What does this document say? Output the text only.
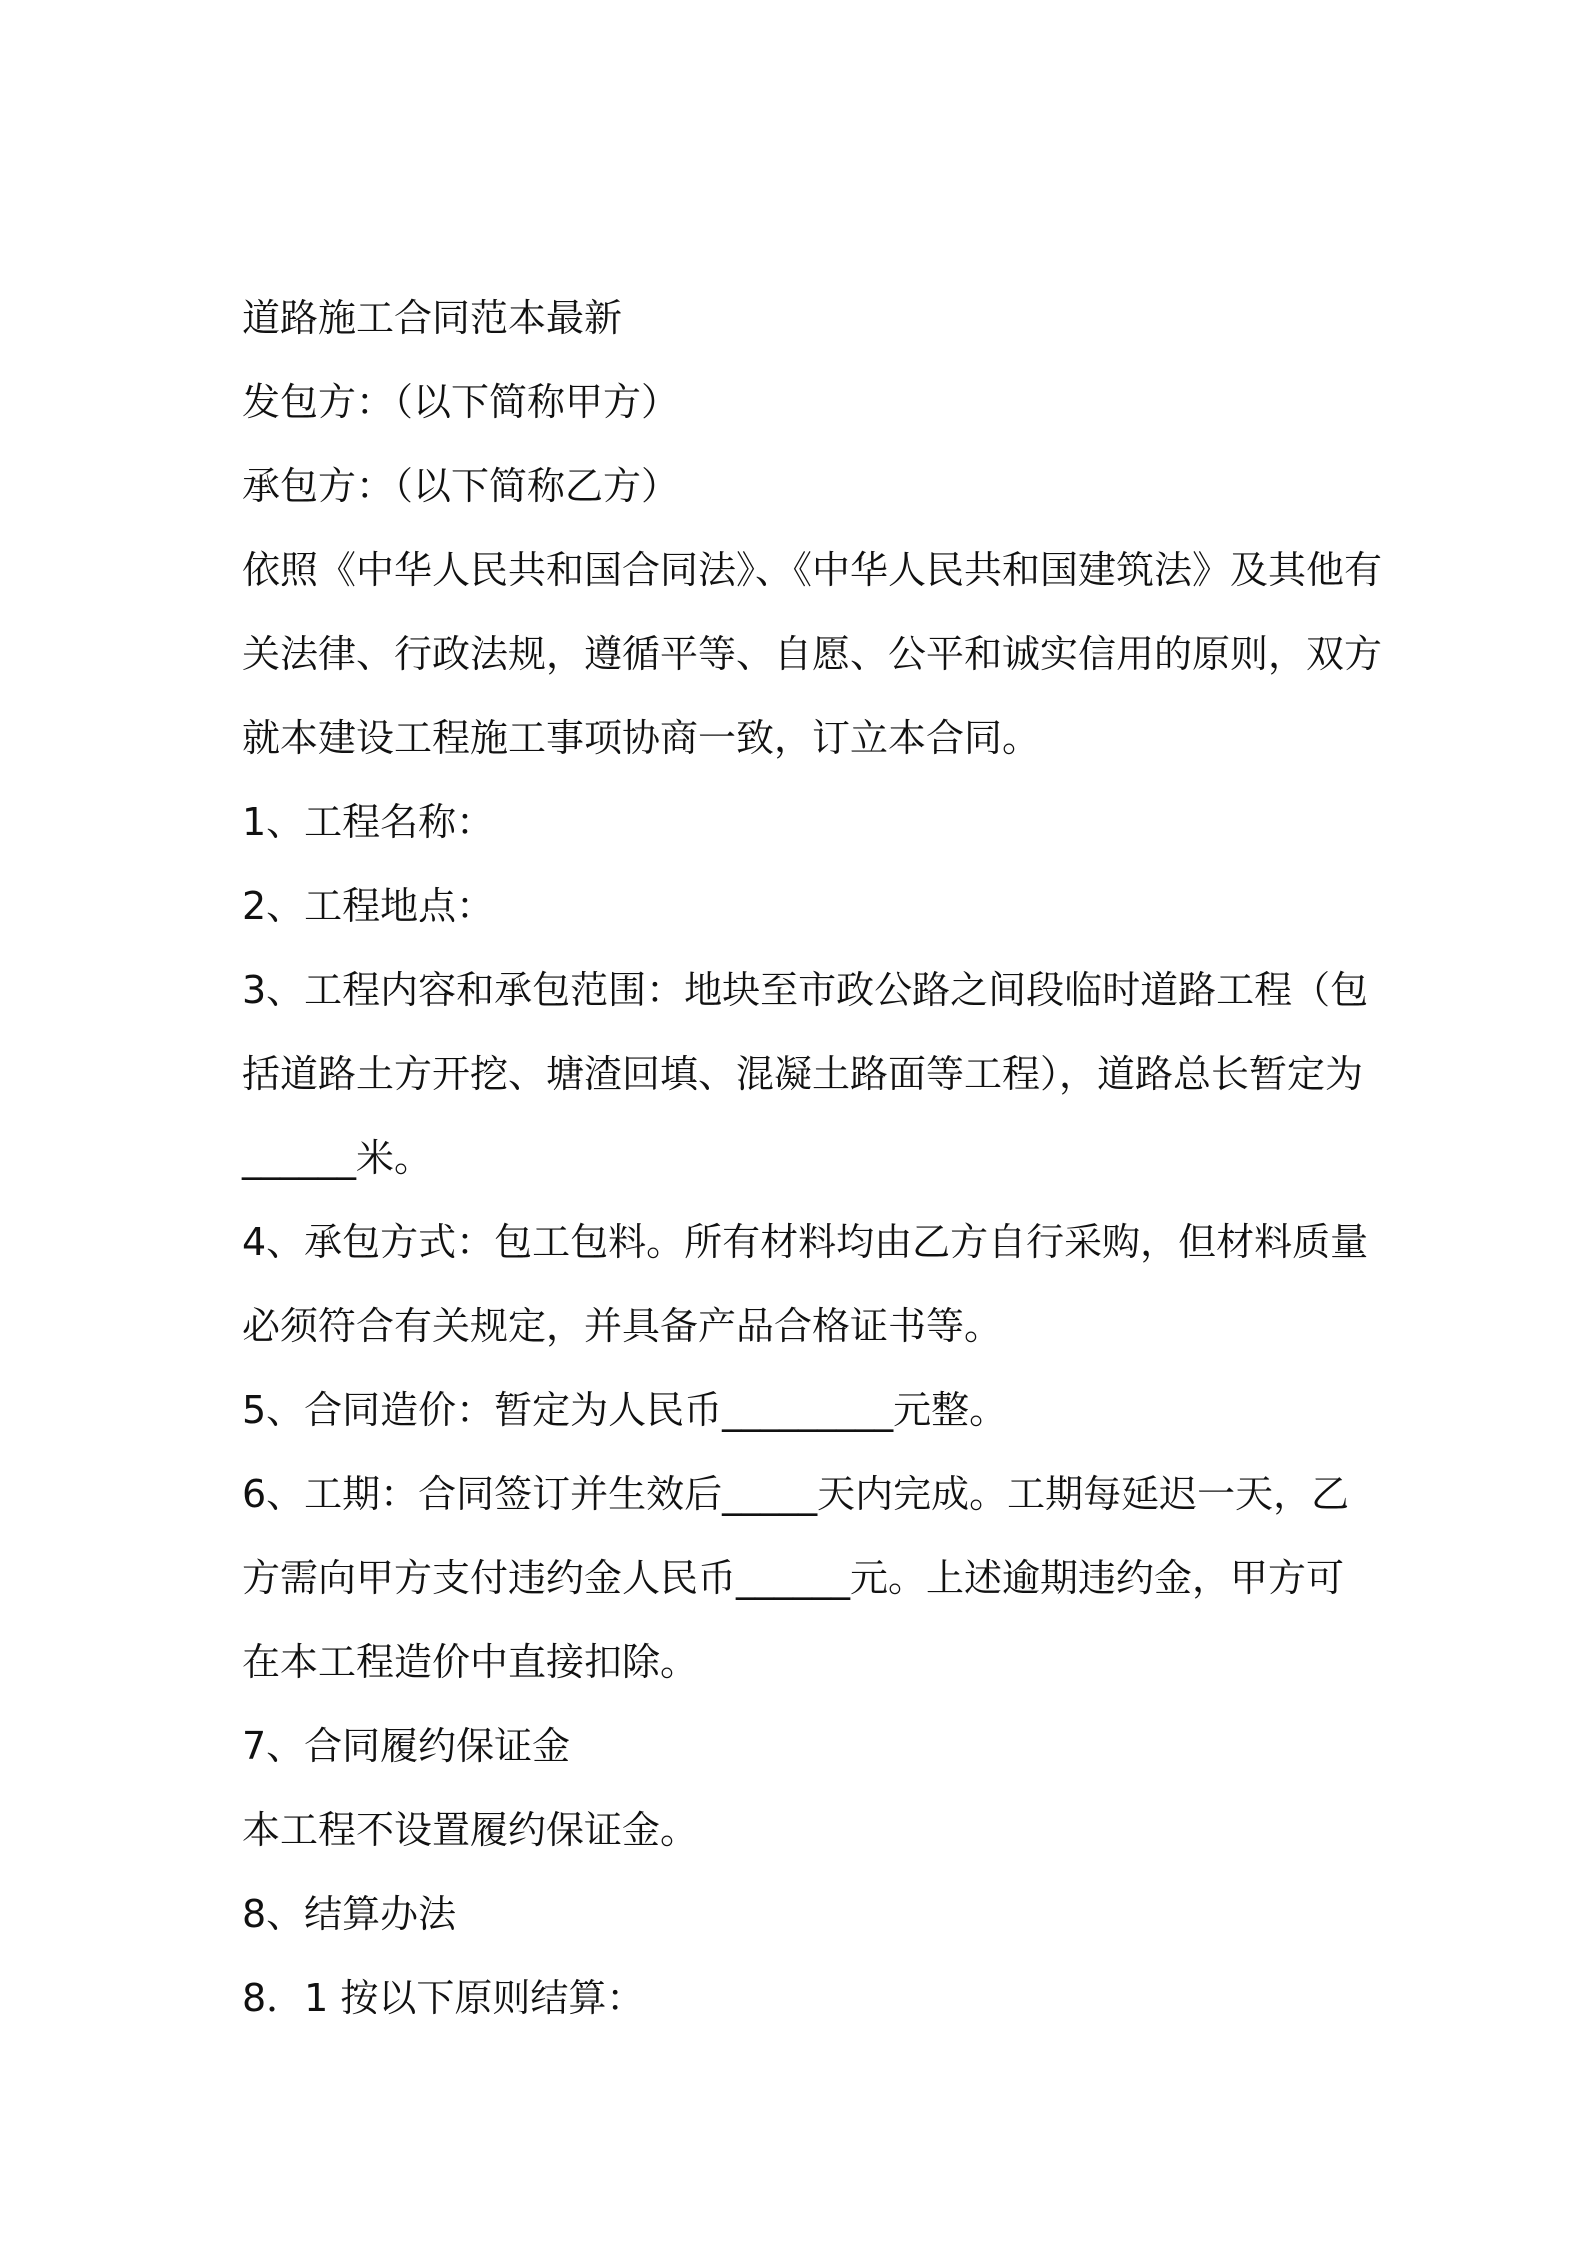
道路施工合同范本最新
发包方：（以下简称甲方）
承包方：（以下简称乙方）
依照《中华人民共和国合同法》、《中华人民共和国建筑法》及其他有
关法律、行政法规，遵循平等、自愿、公平和诚实信用的原则，双方
就本建设工程施工事项协商一致，订立本合同。
1、工程名称：
2、工程地点：
3、工程内容和承包范围：地块至市政公路之间段临时道路工程（包
括道路土方开挖、塘渣回填、混凝土路面等工程），道路总长暂定为
______米。
4、承包方式：包工包料。所有材料均由乙方自行采购，但材料质量
必须符合有关规定，并具备产品合格证书等。
5、合同造价：暂定为人民币_________元整。
6、工期：合同签订并生效后_____天内完成。工期每延迟一天，乙
方需向甲方支付违约金人民币______元。上述逾期违约金，甲方可
在本工程造价中直接扣除。
7、合同履约保证金
本工程不设置履约保证金。
8、结算办法
8．1 按以下原则结算：
